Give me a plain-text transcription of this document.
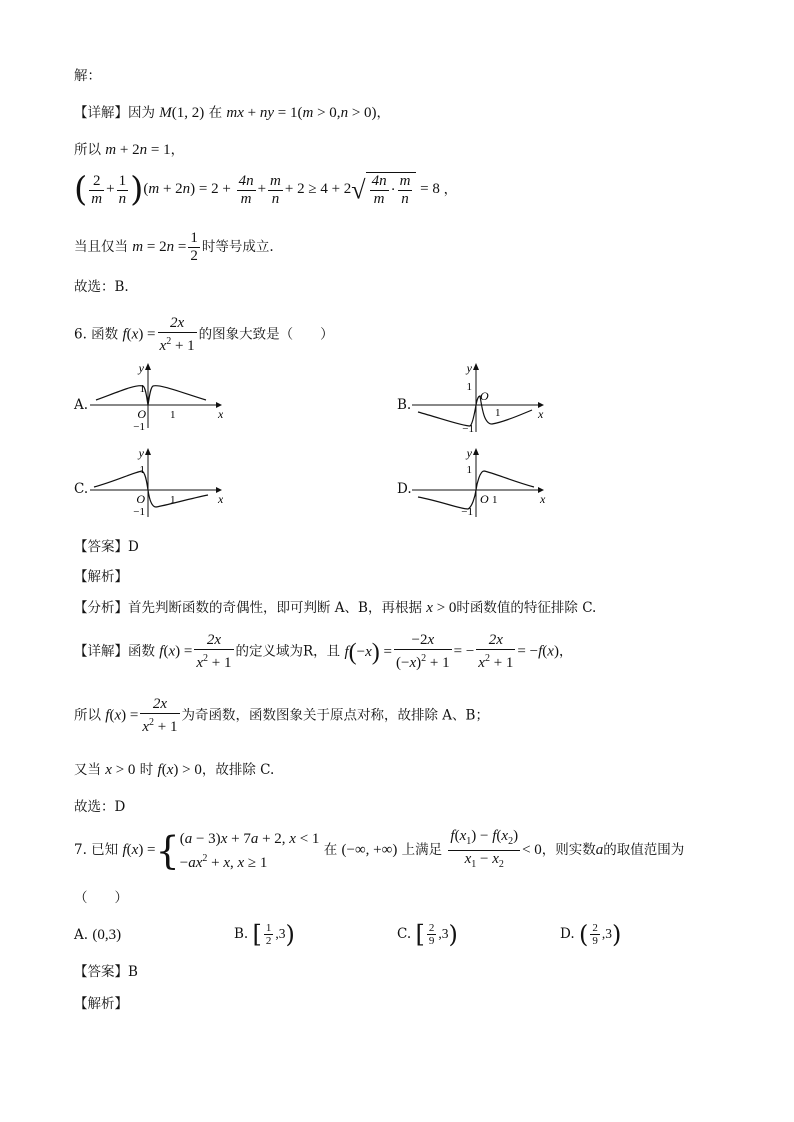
解：
【详解】因为 M(1, 2) 在 mx + ny = 1(m > 0,n > 0)，
所以 m + 2n = 1，
( $\frac{2}{m} + \frac{1}{n} )(m + 2n) = 2 + \frac{4n}{m} + \frac{m}{n} + 2 \ge 4 + 2√ \frac{4n}{m} \cdot \frac{m}{n} = 8$ ，
当且仅当 $m = 2n = \frac{1}{2}$ 时等号成立.
故选：B.
6. 函数 $f(x) = \frac{2x}{x^2 + 1}$ 的图象大致是（　　）
A.
y
x
O 1
1
−1
B.
y
x
O
1
1
−1
C.
y
x
O 1
1
−1
D.
y
x
O 1
1
−1
【答案】D
【解析】
【分析】首先判断函数的奇偶性，即可判断 A、B，再根据 x > 0时函数值的特征排除 C.
【详解】函数 $f(x) = \frac{2x}{x^2 + 1}$ 的定义域为R，且 $f(-x) = \frac{-2x}{(-x)^2 + 1}$ = − $\frac{2x}{x^2 + 1} = -f(x)$，
所以 $f(x) = \frac{2x}{x^2 + 1}$ 为奇函数，函数图象关于原点对称，故排除 A、B；
又当 x > 0 时 f(x) > 0，故排除 C.
故选：D
7. 已知 f(x) ={ (a − 3)x + 7a + 2, x < 1
$-ax^2 + x$, x ≥ 1
在 (−∞, +∞) 上满足 $\frac{f(x_1) - f(x_2)}{x_1 - x_2} < 0$，则实数a的取值范围为
（　　）
A. (0,3)	B. [ $\frac{1}{2} ,3$)	C. [ $\frac{2}{9} ,3$)	D. ( $\frac{2}{9} ,3$)
【答案】B
【解析】
